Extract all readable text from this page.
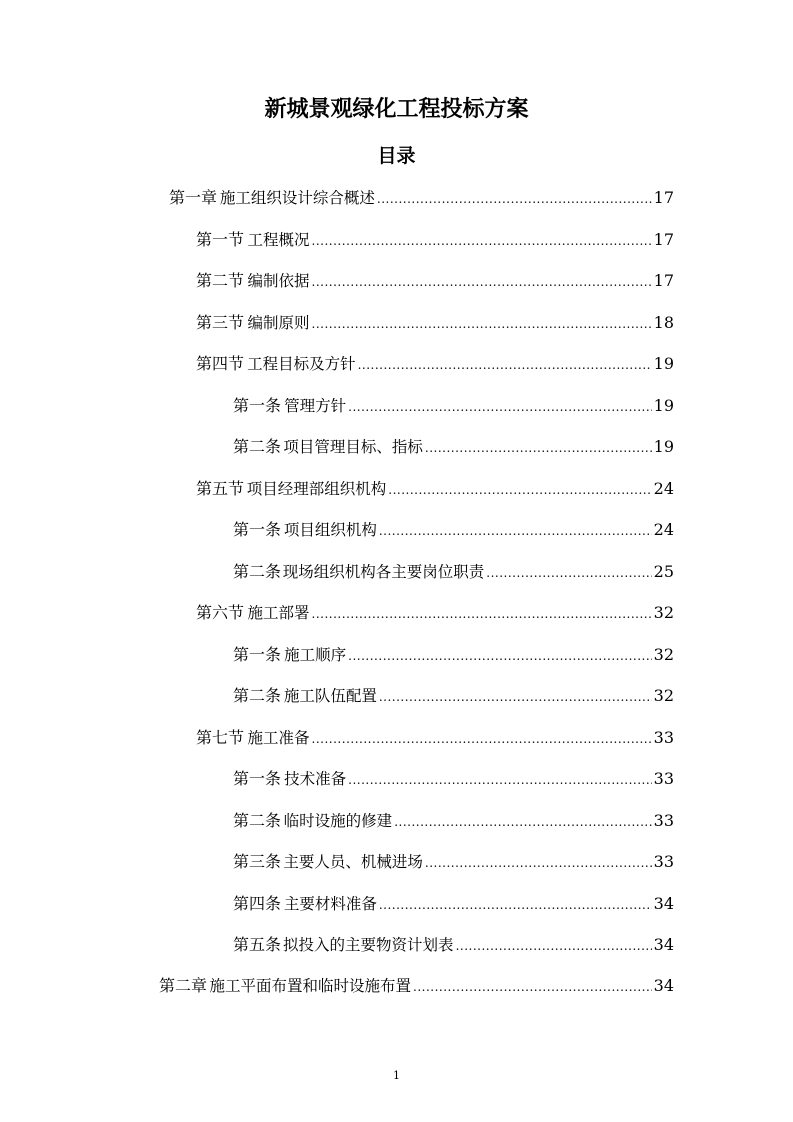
新城景观绿化工程投标方案
目录
第一章 施工组织设计综合概述 .....	17
第一节 工程概况 .....	17
第二节 编制依据 .....	17
第三节 编制原则 .....	18
第四节 工程目标及方针 .....	19
第一条 管理方针 .....	19
第二条 项目管理目标、指标 .....	19
第五节 项目经理部组织机构 .....	24
第一条 项目组织机构 .....	24
第二条 现场组织机构各主要岗位职责 .....	25
第六节 施工部署 .....	32
第一条 施工顺序 .....	32
第二条 施工队伍配置 .....	32
第七节 施工准备 .....	33
第一条 技术准备 .....	33
第二条 临时设施的修建 .....	33
第三条 主要人员、机械进场 .....	33
第四条 主要材料准备 .....	34
第五条 拟投入的主要物资计划表 .....	34
第二章 施工平面布置和临时设施布置 .....	34
1
